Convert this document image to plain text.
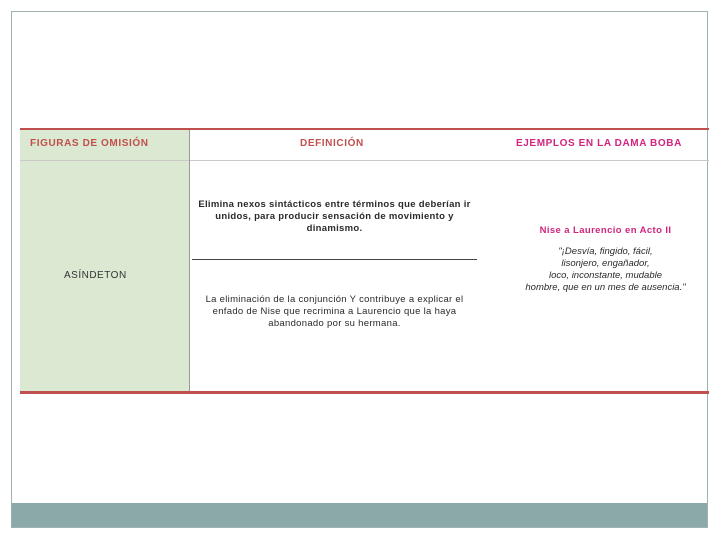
FIGURAS DE OMISIÓN	DEFINICIÓN	EJEMPLOS EN LA DAMA BOBA
ASÍNDETON
Elimina nexos sintácticos entre términos que deberían ir
unidos, para producir sensación de movimiento y
dinamismo.
La eliminación de la conjunción Y contribuye a explicar el
enfado de Nise que recrimina a Laurencio que la haya
abandonado por su hermana.
Nise a Laurencio en Acto II
"¡Desvía, fingido, fácil,
lisonjero, engañador,
loco, inconstante, mudable
hombre, que en un mes de ausencia."
